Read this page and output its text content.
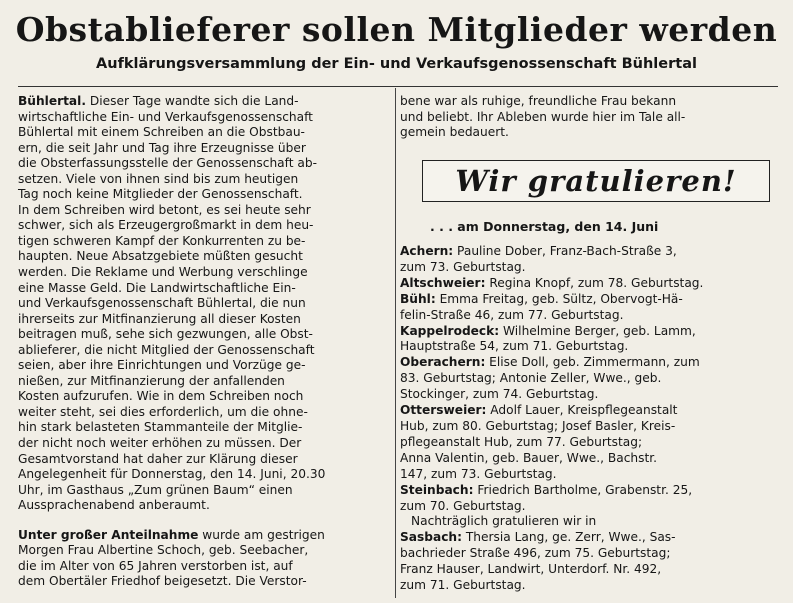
Obstablieferer sollen Mitglieder werden
Aufklärungsversammlung der Ein- und Verkaufsgenossenschaft Bühlertal

Bühlertal. Dieser Tage wandte sich die Land-

wirtschaftliche Ein- und Verkaufsgenossenschaft

Bühlertal mit einem Schreiben an die Obstbau-

ern, die seit Jahr und Tag ihre Erzeugnisse über

die Obsterfassungsstelle der Genossenschaft ab-

setzen. Viele von ihnen sind bis zum heutigen

Tag noch keine Mitglieder der Genossenschaft.

In dem Schreiben wird betont, es sei heute sehr

schwer, sich als Erzeugergroßmarkt in dem heu-

tigen schweren Kampf der Konkurrenten zu be-

haupten. Neue Absatzgebiete müßten gesucht

werden. Die Reklame und Werbung verschlinge

eine Masse Geld. Die Landwirtschaftliche Ein-

und Verkaufsgenossenschaft Bühlertal, die nun

ihrerseits zur Mitfinanzierung all dieser Kosten

beitragen muß, sehe sich gezwungen, alle Obst-

ablieferer, die nicht Mitglied der Genossenschaft

seien, aber ihre Einrichtungen und Vorzüge ge-

nießen, zur Mitfinanzierung der anfallenden

Kosten aufzurufen. Wie in dem Schreiben noch

weiter steht, sei dies erforderlich, um die ohne-

hin stark belasteten Stammanteile der Mitglie-

der nicht noch weiter erhöhen zu müssen. Der

Gesamtvorstand hat daher zur Klärung dieser

Angelegenheit für Donnerstag, den 14. Juni, 20.30

Uhr, im Gasthaus „Zum grünen Baum“ einen

Aussprachenabend anberaumt.

Unter großer Anteilnahme wurde am gestrigen

Morgen Frau Albertine Schoch, geb. Seebacher,

die im Alter von 65 Jahren verstorben ist, auf

dem Obertäler Friedhof beigesetzt. Die Verstor-

bene war als ruhige, freundliche Frau bekann

und beliebt. Ihr Ableben wurde hier im Tale all-

gemein bedauert.

Wir gratulieren!
. . . am Donnerstag, den 14. Juni

Achern: Pauline Dober, Franz-Bach-Straße 3,

zum 73. Geburtstag.

Altschweier: Regina Knopf, zum 78. Geburtstag.

Bühl: Emma Freitag, geb. Sültz, Obervogt-Hä-

felin-Straße 46, zum 77. Geburtstag.

Kappelrodeck: Wilhelmine Berger, geb. Lamm,

Hauptstraße 54, zum 71. Geburtstag.

Oberachern: Elise Doll, geb. Zimmermann, zum

83. Geburtstag; Antonie Zeller, Wwe., geb.

Stockinger, zum 74. Geburtstag.

Ottersweier: Adolf Lauer, Kreispflegeanstalt

Hub, zum 80. Geburtstag; Josef Basler, Kreis-

pflegeanstalt Hub, zum 77. Geburtstag;

Anna Valentin, geb. Bauer, Wwe., Bachstr.

147, zum 73. Geburtstag.

Steinbach: Friedrich Bartholme, Grabenstr. 25,

zum 70. Geburtstag.

Nachträglich gratulieren wir in

Sasbach: Thersia Lang, ge. Zerr, Wwe., Sas-

bachrieder Straße 496, zum 75. Geburtstag;

Franz Hauser, Landwirt, Unterdorf. Nr. 492,

zum 71. Geburtstag.
